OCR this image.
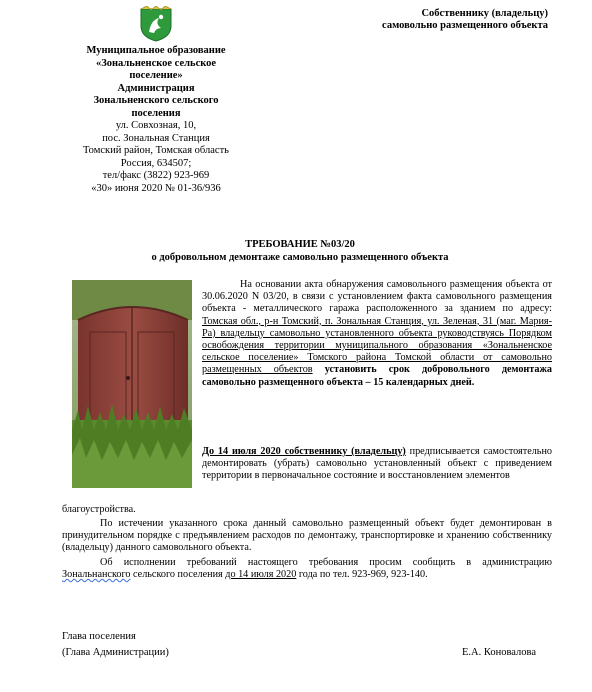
Собственнику (владельцу)
самовольно размещенного объекта
Муниципальное образование
«Зональненское сельское
поселение»
Администрация
Зональненского сельского
поселения
ул. Совхозная, 10,
пос. Зональная Станция
Томский район, Томская область
Россия, 634507;
тел/факс (3822) 923-969
«30» июня 2020 № 01-36/936
ТРЕБОВАНИЕ №03/20
о добровольном демонтаже самовольно размещенного объекта

На основании акта обнаружения самовольного размещения объекта от 30.06.2020 N 03/20, в связи с установлением факта самовольного размещения объекта - металлического гаража расположенного за зданием по адресу: Томская обл., р-н Томский, п. Зональная Станция, ул. Зеленая, 31 (маг. Мария-Ра) владельцу самовольно установленного объекта руководствуясь Порядком освобождения территории муниципального образования «Зональненское сельское поселение» Томского района Томской области от самовольно размещенных объектов установить срок добровольного демонтажа самовольно размещенного объекта – 15 календарных дней.

До 14 июля 2020 собственнику (владельцу) предписывается самостоятельно демонтировать (убрать) самовольно установленный объект с приведением территории в первоначальное состояние и восстановлением элементов

благоустройства.

По истечении указанного срока данный самовольно размещенный объект будет демонтирован в принудительном порядке с предъявлением расходов по демонтажу, транспортировке и хранению собственнику (владельцу) данного самовольного объекта.

Об исполнении требований настоящего требования просим сообщить в администрацию Зональнанского сельского поселения до 14 июля 2020 года по тел. 923-969, 923-140.

Глава поселения
(Глава Администрации)	Е.А. Коновалова
